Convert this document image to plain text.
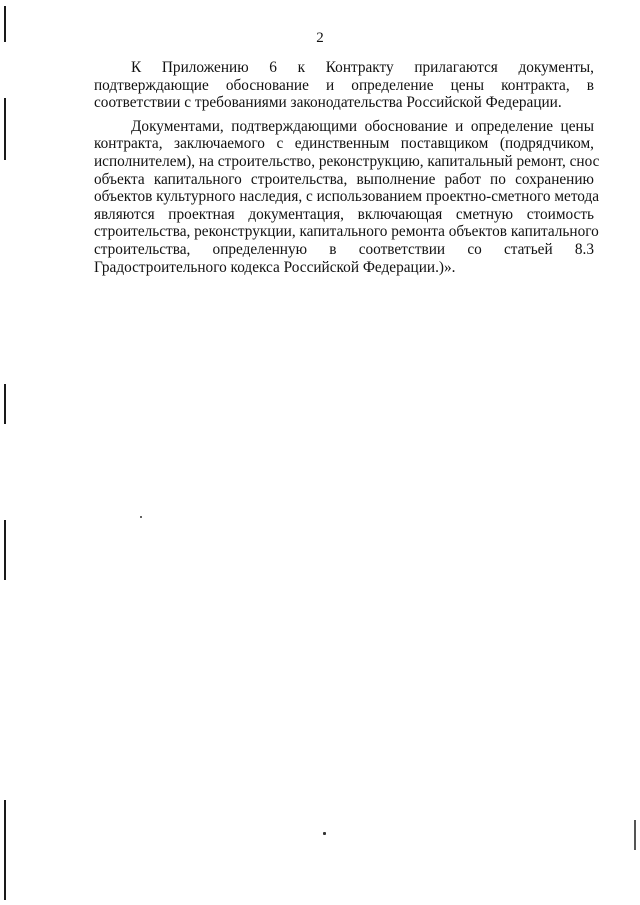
2
К Приложению 6 к Контракту прилагаются документы,
подтверждающие обоснование и определение цены контракта, в
соответствии с требованиями законодательства Российской Федерации.
Документами, подтверждающими обоснование и определение цены
контракта, заключаемого с единственным поставщиком (подрядчиком,
исполнителем), на строительство, реконструкцию, капитальный ремонт, снос
объекта капитального строительства, выполнение работ по сохранению
объектов культурного наследия, с использованием проектно-сметного метода
являются проектная документация, включающая сметную стоимость
строительства, реконструкции, капитального ремонта объектов капитального
строительства, определенную в соответствии со статьей 8.3
Градостроительного кодекса Российской Федерации.)».
